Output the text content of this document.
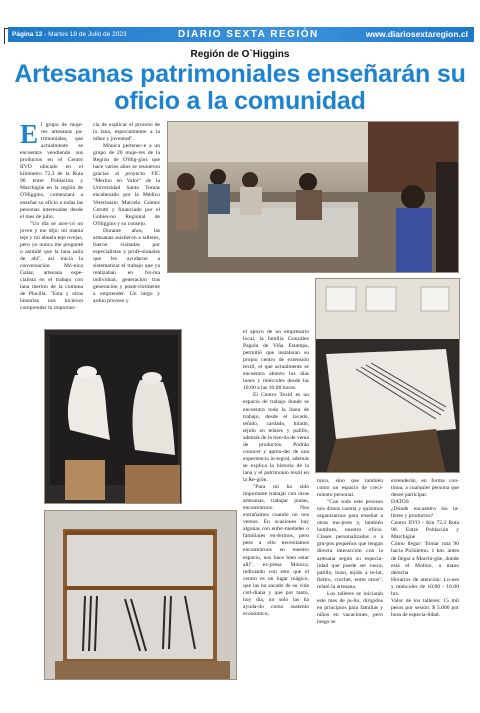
Página 12 - Martes 18 de Julio de 2023	DIARIO SEXTA REGIÓN	www.diariosextaregion.cl
Región de O`Higgins
Artesanas patrimoniales enseñarán su oficio a la comunidad

El grupo de muje-res artesanas pa-trimoniales, que actualmente se encuentra vendiendo sus productos en el Centro IIVO ubicado en el kilómetro 72,3 de la Ruta 90 entre Población y Marchigüe en la región de O'Higgins, comenzará a enseñar su oficio a todas las personas interesadas desde el mes de julio.

"Un día se acer-có un joven y me dijo: mi mamá teje y mi abuela teje ovejas, pero yo nunca me pregunté o asimilé que la lana salía de ahí", así inicia la conversación Mó-nica Galaz, artesana espe-cialista en el trabajo con lana merino de la comuna de Placilla. "Esta y otras historias nos hicieron comprender lo importan-

cia de explicar el proceso de la lana, especialmente a la niñez y juventud".

Mónica pertenec-e a un grupo de 20 muje-res de la Región de O'Hig-gins que hace varios años se reunieron gracias al proyecto FIC "Merino en Valor" de la Universidad Santo Tomás encabezado por la Médico Veterinario Marcela Gómez Cerutti y financiado por el Gobier-no Regional de O'Higgins y su consejo.

Durante años, las artesanas asistieron a talleres, fueron visitadas por especialistas y profe-sionales que les ayudaron a sistematizar el trabajo que ya realizaban en for-ma individual, generación tras generación y poste-riormente a emprender. Un largo y arduo proceso y

el apoyo de un empresario local, la familia González Pagola de Viña Estampa, permitió que instalaran su propio centro de extensión textil, el que actualmente se encuentra abierto los días lunes y miércoles desde las 10:00 a las 16:00 horas.

El Centro Textil es un espacio de trabajo donde se encuentra toda la línea de trabajo, desde el lavado, teñido, cardado, hilado, tejido en telares y palillo, además de la tien-da de venta de productos. Podrán conocer y apren-der de una experiencia in-tegral, además se explica la historia de la lana y el patrimonio textil en la Re-gión.

"Para mí ha sido importante trabajar con otras artesanas, trabajar juntas, encontrarnos. Nos extrañamos cuando no nos vemos. En ocasiones hay algunas con enfer-medades o familiares en-fermos, pero pese a ello necesitamos encontrarnos en nuestro espacio, nos hace bien estar allí", ex-presa Mónica, indicando con esto que el centro es un lugar mágico, que las ha sacado de su vida coti-diana y que por tanto, hoy día, no solo las ha ayuda-do como sustento económico,

mico, sino que también como un espacio de creci-miento personal.

"Con todo este proceso nos dimos cuenta y quisimos organizarnos para enseñar a otras mu-jeres y, también hombres, nuestro oficio. Clases personalizadas o a gru-pos pequeños que tengan directa interacción con la artesana según su especia-lidad que puede ser rueca, palillo, huso, tejido a te-lar, fieltro, crochet, entre otros", relató la artesana.

Los talleres se iniciarán este mes de ju-lio, dirigidos en principios para familias y niños en vacaciones, pero luego se

extenderán, en forma con-tinua, a cualquier persona que desee participar.

DATOS
¿Dónde encuentro los ta-lleres y productos?
Centro IIVO - Km 72,3 Ruta 90. Entre Población y Marchigüe
Cómo llegar: Tomar ruta 90 hacia Pichilemu. 1 km. antes de llegar a Marchi-güe, donde está el Molino, a mano derecha
Horarios de atención: Lu-nes y miércoles de 10:00 - 16:00 hrs.
Valor de los talleres: 15 mil pesos por sesión. $ 5.000 por hora de especia-lidad.
